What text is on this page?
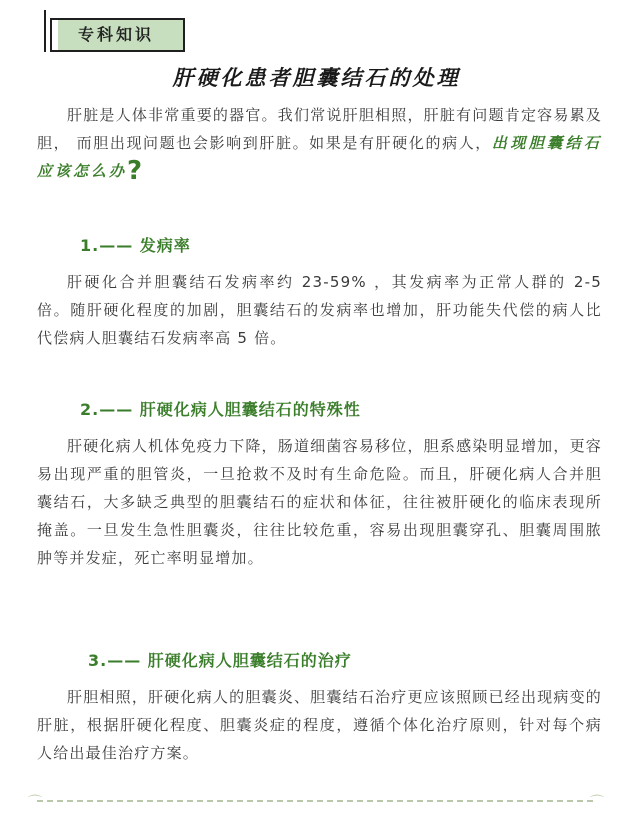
专科知识
肝硬化患者胆囊结石的处理
肝脏是人体非常重要的器官。我们常说肝胆相照，肝脏有问题肯定容易累及胆， 而胆出现问题也会影响到肝脏。如果是有肝硬化的病人，出现胆囊结石应该怎么办?
1.—— 发病率
肝硬化合并胆囊结石发病率约 23-59% ，其发病率为正常人群的 2-5 倍。随肝硬化程度的加剧，胆囊结石的发病率也增加，肝功能失代偿的病人比代偿病人胆囊结石发病率高 5 倍。
2.—— 肝硬化病人胆囊结石的特殊性
肝硬化病人机体免疫力下降，肠道细菌容易移位，胆系感染明显增加，更容易出现严重的胆管炎，一旦抢救不及时有生命危险。而且，肝硬化病人合并胆囊结石，大多缺乏典型的胆囊结石的症状和体征，往往被肝硬化的临床表现所掩盖。一旦发生急性胆囊炎，往往比较危重，容易出现胆囊穿孔、胆囊周围脓肿等并发症，死亡率明显增加。
3.—— 肝硬化病人胆囊结石的治疗
肝胆相照，肝硬化病人的胆囊炎、胆囊结石治疗更应该照顾已经出现病变的肝脏，根据肝硬化程度、胆囊炎症的程度，遵循个体化治疗原则，针对每个病人给出最佳治疗方案。
⌒	⌒
